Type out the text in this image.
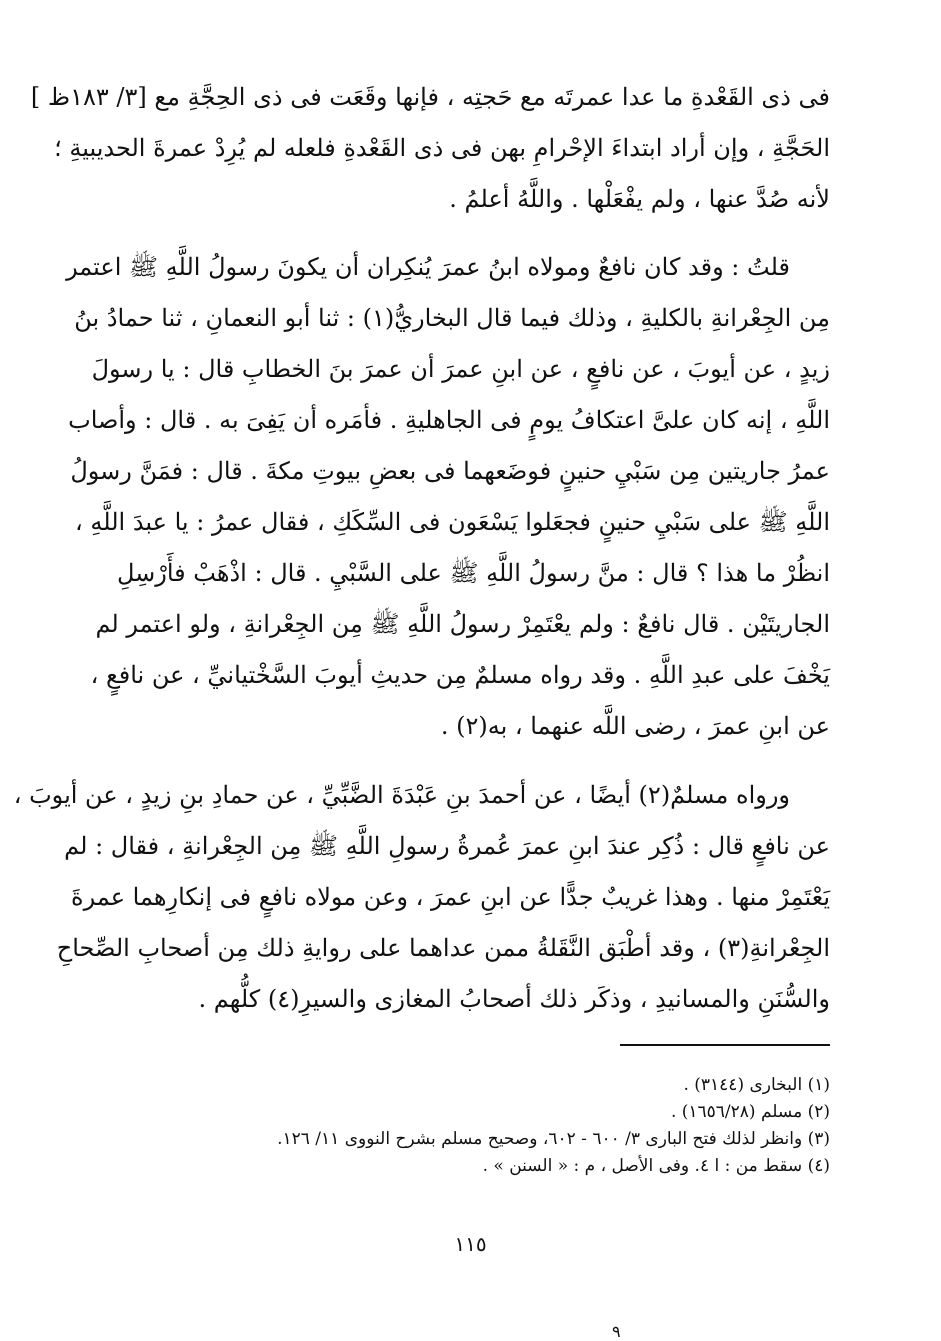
فى ذى القَعْدةِ ما عدا عمرتَه مع حَجتِه ، فإنها وقَعَت فى ذى الحِجَّةِ مع [٣/ ١٨٣ظ ]
الحَجَّةِ ، وإن أراد ابتداءَ الإحْرامِ بهن فى ذى القَعْدةِ فلعله لم يُرِدْ عمرةَ الحديبيةِ ؛
لأنه صُدَّ عنها ، ولم يفْعَلْها . واللَّهُ أعلمُ .
قلتُ : وقد كان نافعٌ ومولاه ابنُ عمرَ يُنكِران أن يكونَ رسولُ اللَّهِ ﷺ اعتمر
مِن الجِعْرانةِ بالكليةِ ، وذلك فيما قال البخاريُّ(١) : ثنا أبو النعمانِ ، ثنا حمادُ بنُ
زيدٍ ، عن أيوبَ ، عن نافعٍ ، عن ابنِ عمرَ أن عمرَ بنَ الخطابِ قال : يا رسولَ
اللَّهِ ، إنه كان علىَّ اعتكافُ يومٍ فى الجاهليةِ . فأمَره أن يَفِىَ به . قال : وأصاب
عمرُ جاريتين مِن سَبْيِ حنينٍ فوضَعهما فى بعضِ بيوتِ مكةَ . قال : فمَنَّ رسولُ
اللَّهِ ﷺ على سَبْيِ حنينٍ فجعَلوا يَسْعَون فى السِّكَكِ ، فقال عمرُ : يا عبدَ اللَّهِ ،
انظُرْ ما هذا ؟ قال : منَّ رسولُ اللَّهِ ﷺ على السَّبْيِ . قال : اذْهَبْ فأَرْسِلِ
الجاريتَيْن . قال نافعٌ : ولم يعْتَمِرْ رسولُ اللَّهِ ﷺ مِن الجِعْرانةِ ، ولو اعتمر لم
يَخْفَ على عبدِ اللَّهِ . وقد رواه مسلمٌ مِن حديثِ أيوبَ السَّخْتيانيِّ ، عن نافعٍ ،
عن ابنِ عمرَ ، رضى اللَّه عنهما ، به(٢) .
ورواه مسلمٌ(٢) أيضًا ، عن أحمدَ بنِ عَبْدَةَ الضَّبِّيِّ ، عن حمادِ بنِ زيدٍ ، عن أيوبَ ،
عن نافعٍ قال : ذُكِر عندَ ابنِ عمرَ عُمرةُ رسولِ اللَّهِ ﷺ مِن الجِعْرانةِ ، فقال : لم
يَعْتَمِرْ منها . وهذا غريبٌ جدًّا عن ابنِ عمرَ ، وعن مولاه نافعٍ فى إنكارِهما عمرةَ
الجِعْرانةِ(٣) ، وقد أطْبَق النَّقَلةُ ممن عداهما على روايةِ ذلك مِن أصحابِ الصِّحاحِ
والسُّنَنِ والمسانيدِ ، وذكَر ذلك أصحابُ المغازى والسيرِ(٤) كلُّهم .
(١) البخارى (٣١٤٤) .
(٢) مسلم (١٦٥٦/٢٨) .
(٣) وانظر لذلك فتح البارى ٣/ ٦٠٠ - ٦٠٢، وصحيح مسلم بشرح النووى ١١/ ١٢٦.
(٤) سقط من : ا ٤. وفى الأصل ، م : « السنن » .
١١٥
٩
